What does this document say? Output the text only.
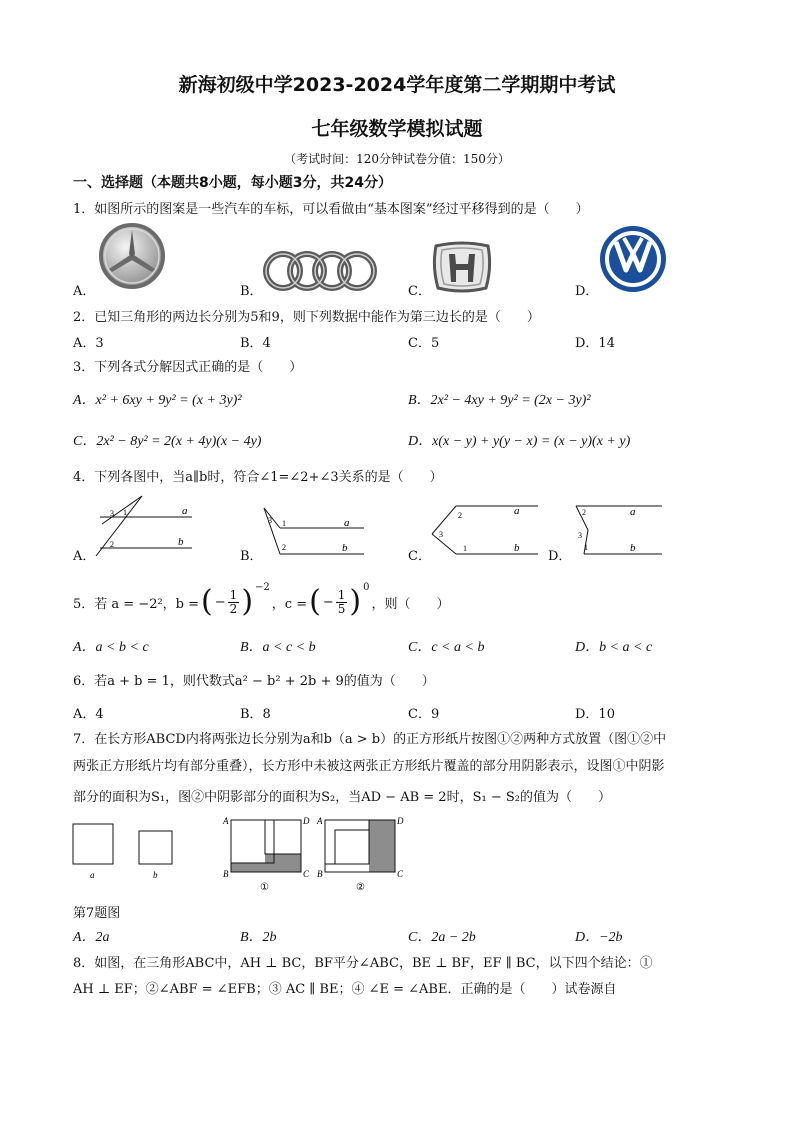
新海初级中学2023-2024学年度第二学期期中考试
七年级数学模拟试题
（考试时间：120分钟试卷分值：150分）
一、选择题（本题共8小题，每小题3分，共24分）
1．如图所示的图案是一些汽车的车标，可以看做由“基本图案”经过平移得到的是（　　）
A．	B．	C．	D．
2．已知三角形的两边长分别为5和9，则下列数据中能作为第三边长的是（　　）
A．3	B．4	C．5	D．14
3．下列各式分解因式正确的是（　　）
A．x² + 6xy + 9y² = (x + 3y)²	B．2x² − 4xy + 9y² = (2x − 3y)²
C．2x² − 8y² = 2(x + 4y)(x − 4y)	D．x(x − y) + y(y − x) = (x − y)(x + y)
4．下列各图中，当a∥b时，符合∠1=∠2+∠3关系的是（　　）
A．
3 1	a
2	b
B．
3 1	a
2	b
C．
2	a
3
1	b
D．
2	a
3
1	b
5．若 a = −2²，b = ( − $\frac{1}{2} )^{-2}$
，c = ( − $\frac{1}{5} )^0$
，则（　　）
A．a < b < c	B．a < c < b	C．c < a < b	D．b < a < c
6．若a + b = 1，则代数式a² − b² + 2b + 9的值为（　　）
A．4	B．8	C．9	D．10
7．在长方形ABCD内将两张边长分别为a和b（a > b）的正方形纸片按图①②两种方式放置（图①②中
两张正方形纸片均有部分重叠），长方形中未被这两张正方形纸片覆盖的部分用阴影表示，设图①中阴影
部分的面积为S₁，图②中阴影部分的面积为S₂，当AD − AB = 2时，S₁ − S₂的值为（　　）
a	b
A	D
B	C
①
A	D
B	C
②
第7题图
A．2a	B．2b	C．2a − 2b	D．−2b
8．如图，在三角形ABC中，AH ⊥ BC，BF平分∠ABC，BE ⊥ BF，EF ∥ BC，以下四个结论：①
AH ⊥ EF；②∠ABF = ∠EFB；③ AC ∥ BE；④ ∠E = ∠ABE．正确的是（　　）试卷源自
